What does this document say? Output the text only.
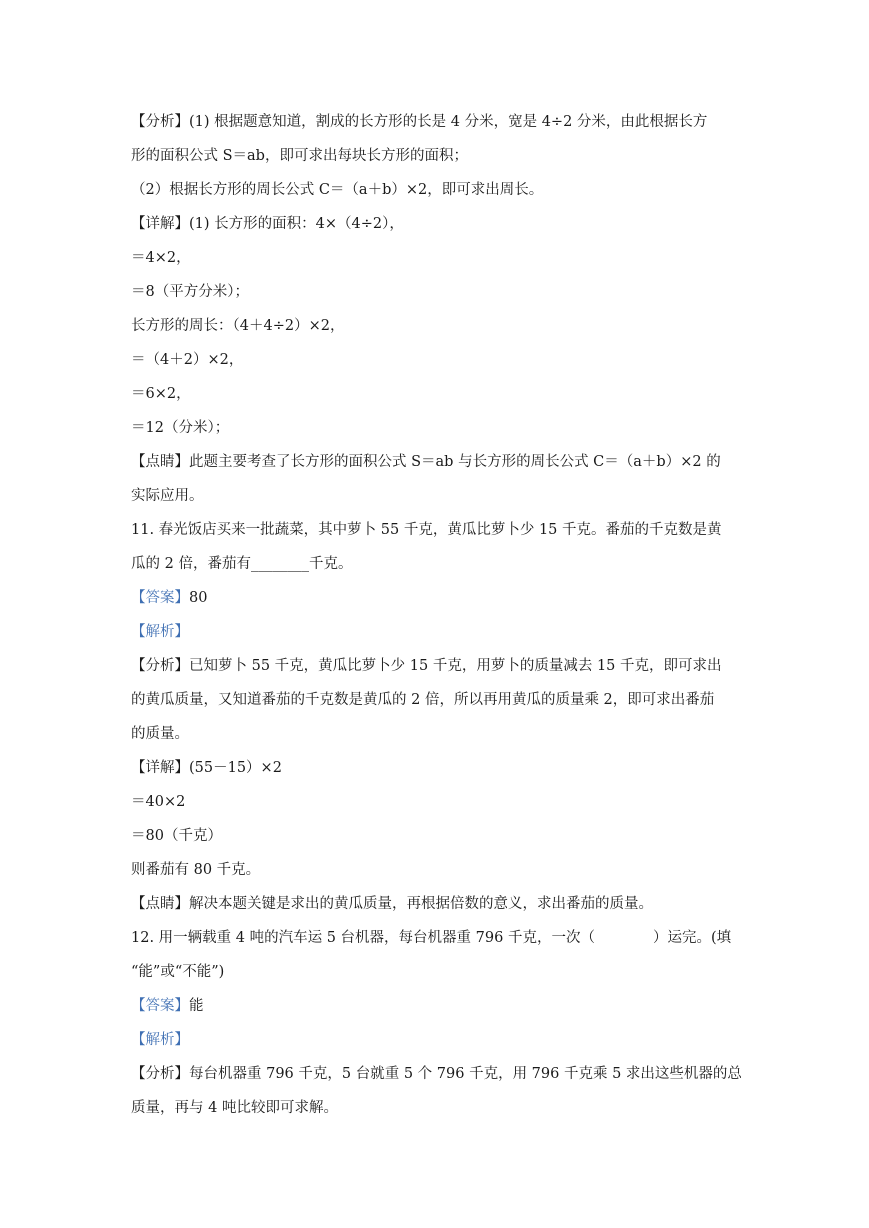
【分析】(1) 根据题意知道，割成的长方形的长是 4 分米，宽是 4÷2 分米，由此根据长方
形的面积公式 S＝ab，即可求出每块长方形的面积；
（2）根据长方形的周长公式 C＝（a＋b）×2，即可求出周长。
【详解】(1) 长方形的面积：4×（4÷2），
＝4×2，
＝8（平方分米）；
长方形的周长：（4＋4÷2）×2，
＝（4＋2）×2，
＝6×2，
＝12（分米）；
【点睛】此题主要考查了长方形的面积公式 S＝ab 与长方形的周长公式 C＝（a＋b）×2 的
实际应用。
11. 春光饭店买来一批蔬菜，其中萝卜 55 千克，黄瓜比萝卜少 15 千克。番茄的千克数是黄
瓜的 2 倍，番茄有________千克。
【答案】80
【解析】
【分析】已知萝卜 55 千克，黄瓜比萝卜少 15 千克，用萝卜的质量减去 15 千克，即可求出
的黄瓜质量，又知道番茄的千克数是黄瓜的 2 倍，所以再用黄瓜的质量乘 2，即可求出番茄
的质量。
【详解】(55－15）×2
＝40×2
＝80（千克）
则番茄有 80 千克。
【点睛】解决本题关键是求出的黄瓜质量，再根据倍数的意义，求出番茄的质量。
12. 用一辆载重 4 吨的汽车运 5 台机器，每台机器重 796 千克，一次（　　　　）运完。(填
“能”或“不能”)
【答案】能
【解析】
【分析】每台机器重 796 千克，5 台就重 5 个 796 千克，用 796 千克乘 5 求出这些机器的总
质量，再与 4 吨比较即可求解。
